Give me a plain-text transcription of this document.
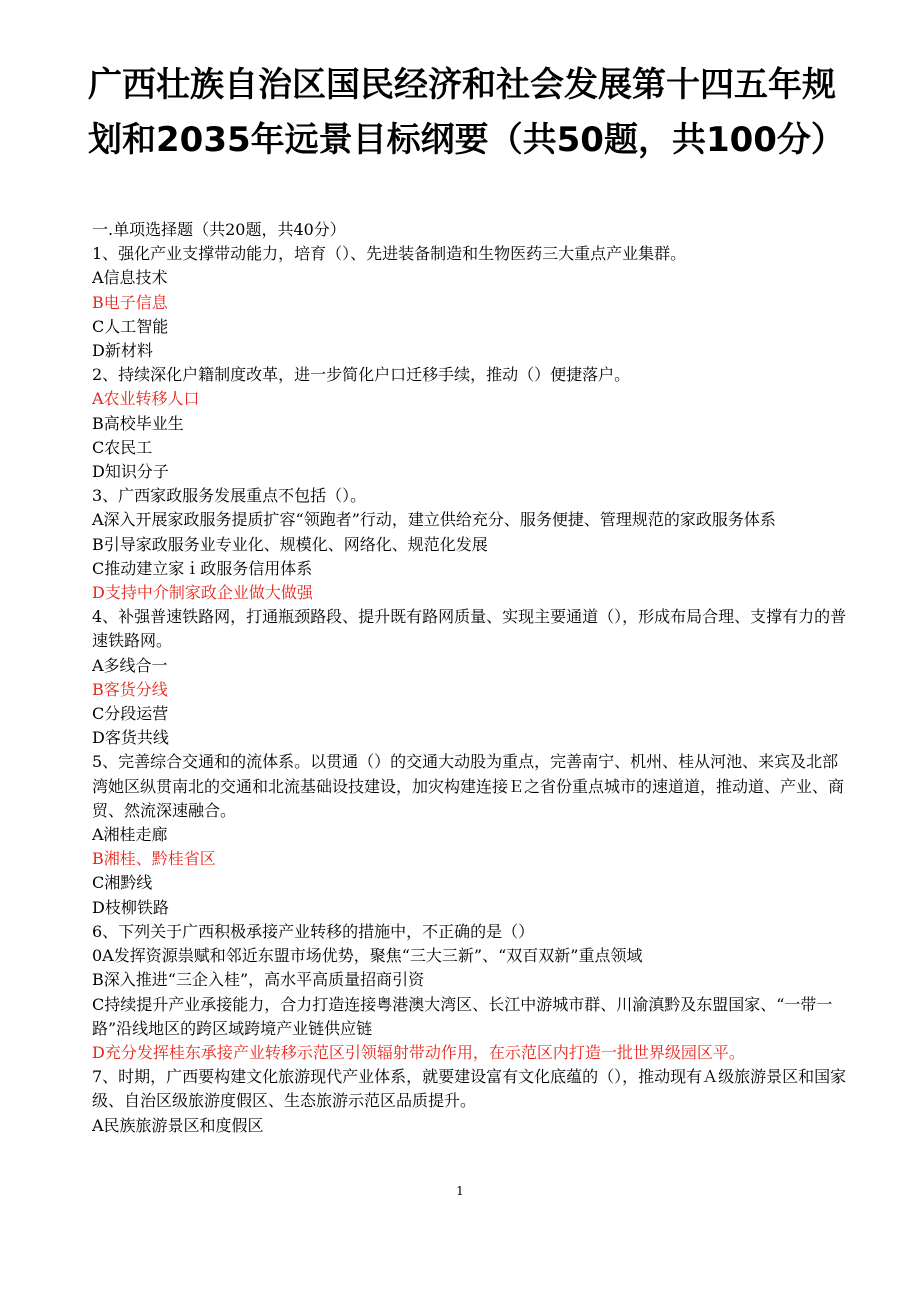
广西壮族自治区国民经济和社会发展第十四五年规划和2035年远景目标纲要（共50题，共100分）

一.单项选择题（共20题，共40分）

1、强化产业支撑带动能力，培育（）、先进装备制造和生物医药三大重点产业集群。

A信息技术

B电子信息

C人工智能

D新材料

2、持续深化户籍制度改革，进一步简化户口迁移手续，推动（）便捷落户。

A农业转移人口

B高校毕业生

C农民工

D知识分子

3、广西家政服务发展重点不包括（）。

A深入开展家政服务提质扩容“领跑者”行动，建立供给充分、服务便捷、管理规范的家政服务体系

B引导家政服务业专业化、规模化、网络化、规范化发展

C推动建立家ｉ政服务信用体系

D支持中介制家政企业做大做强

4、补强普速铁路网，打通瓶颈路段、提升既有路网质量、实现主要通道（），形成布局合理、支撑有力的普速铁路网。

A多线合一

B客货分线

C分段运营

D客货共线

5、完善综合交通和的流体系。以贯通（）的交通大动股为重点，完善南宁、机州、桂从河池、来宾及北部湾她区纵贯南北的交通和北流基础设技建设，加灾构建连接Ｅ之省份重点城市的速道道，推动道、产业、商贸、然流深速融合。

A湘桂走廊

B湘桂、黔桂省区

C湘黔线

D枝柳铁路

6、下列关于广西积极承接产业转移的措施中，不正确的是（）

0A发挥资源祟赋和邻近东盟市场优势，聚焦“三大三新”、“双百双新”重点领域

B深入推进“三企入桂”，高水平高质量招商引资

C持续提升产业承接能力，合力打造连接粤港澳大湾区、长江中游城市群、川渝滇黔及东盟国家、“一带一路”沿线地区的跨区域跨境产业链供应链

D充分发挥桂东承接产业转移示范区引领辐射带动作用，在示范区内打造一批世界级园区平。

7、时期，广西要构建文化旅游现代产业体系，就要建设富有文化底蕴的（），推动现有Ａ级旅游景区和国家级、自治区级旅游度假区、生态旅游示范区品质提升。

A民族旅游景区和度假区

1
